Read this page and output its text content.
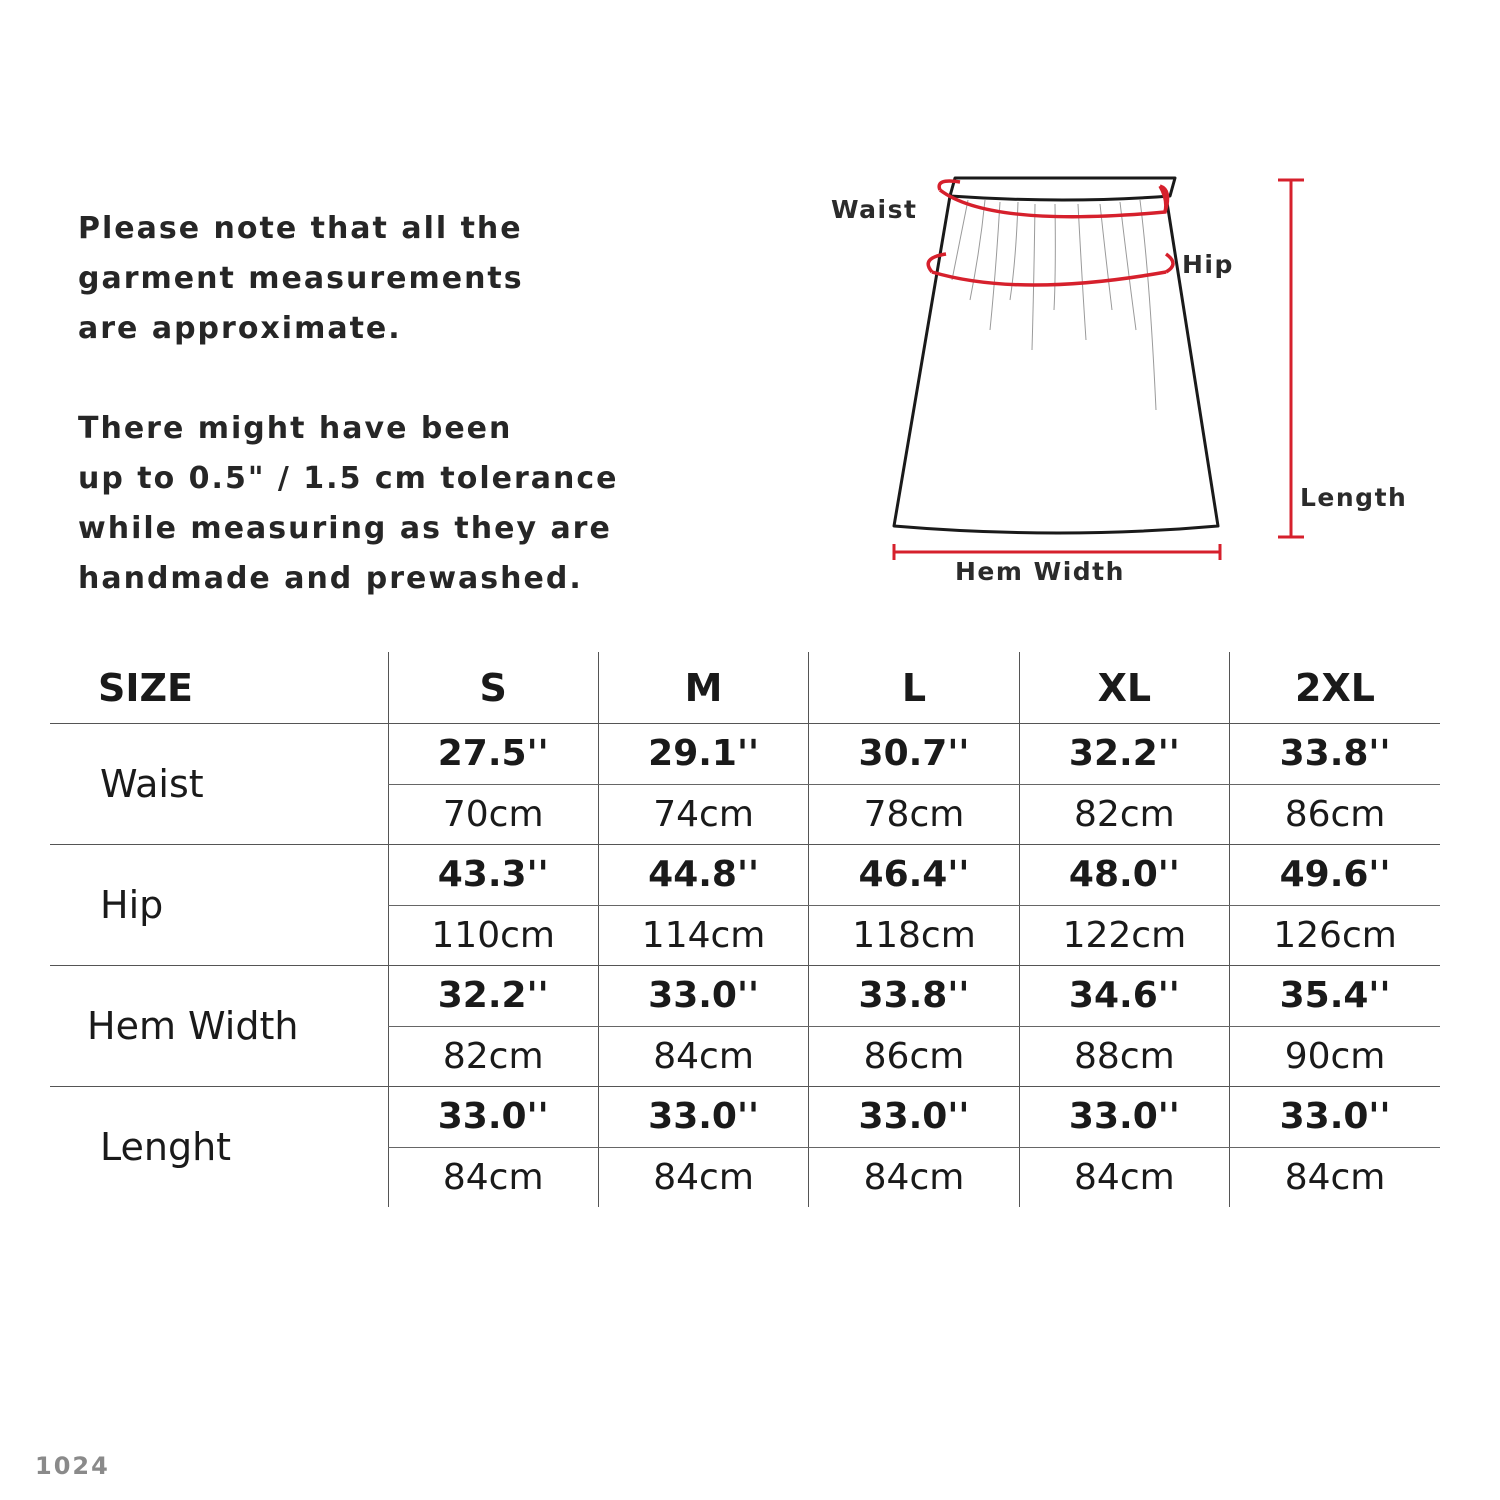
Please note that all the
garment measurements
are approximate.

There might have been
up to 0.5" / 1.5 cm tolerance
while measuring as they are
handmade and prewashed.

Waist
Hip
Length
Hem Width
SIZE	S	M	L	XL	2XL
Waist	27.5''	29.1''	30.7''	32.2''	33.8''
	70cm	74cm	78cm	82cm	86cm
Hip	43.3''	44.8''	46.4''	48.0''	49.6''
	110cm	114cm	118cm	122cm	126cm
Hem Width	32.2''	33.0''	33.8''	34.6''	35.4''
	82cm	84cm	86cm	88cm	90cm
Lenght	33.0''	33.0''	33.0''	33.0''	33.0''
	84cm	84cm	84cm	84cm	84cm
1024
